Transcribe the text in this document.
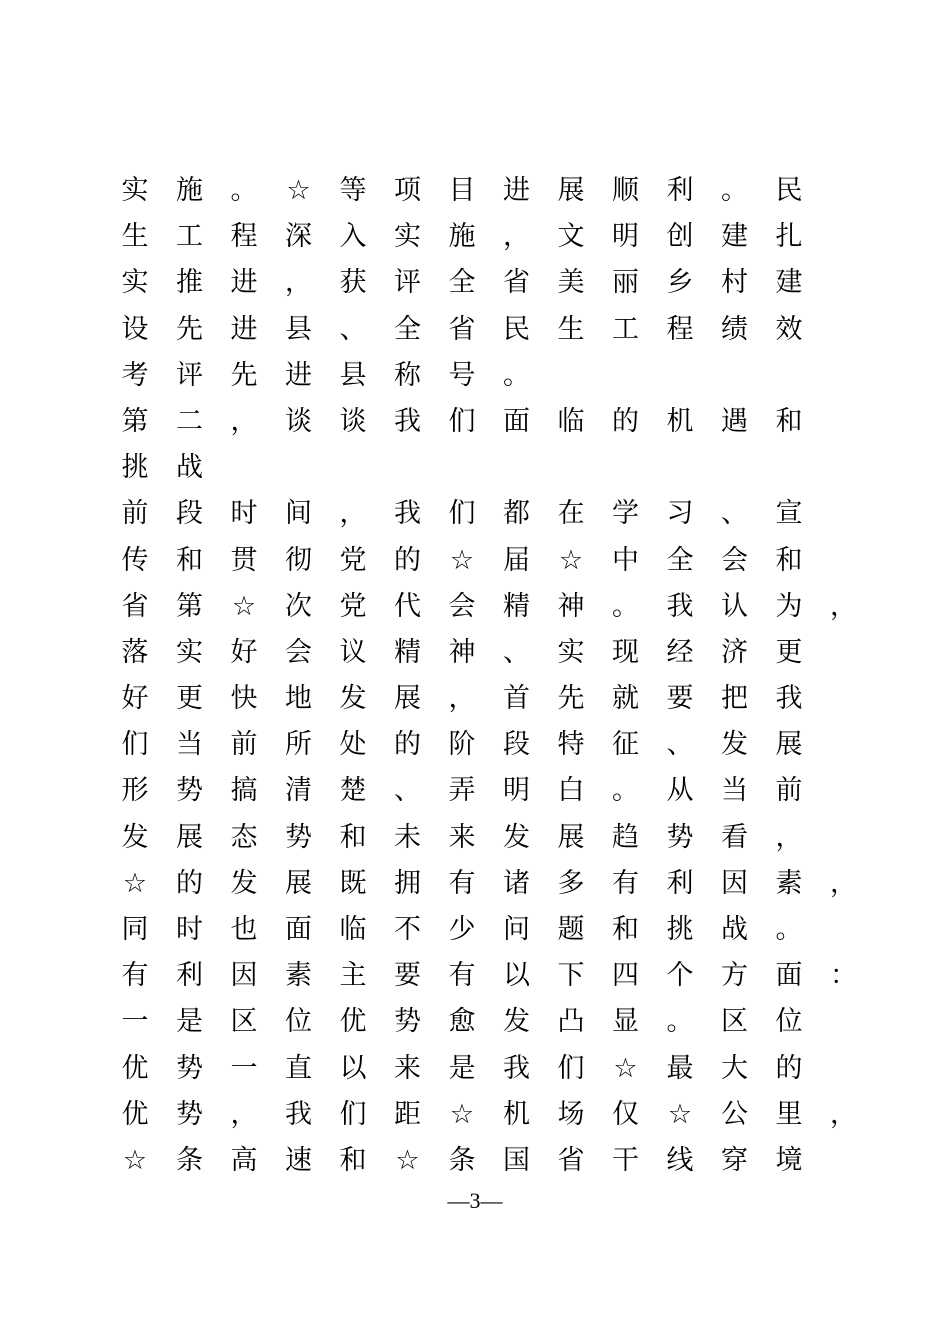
实	施	。	☆	等	项	目	进	展	顺	利	。	民
生	工	程	深	入	实	施	，	文	明	创	建	扎
实	推	进	，	获	评	全	省	美	丽	乡	村	建
设	先	进	县	、	全	省	民	生	工	程	绩	效
考	评	先	进	县	称	号	。
第	二	，	谈	谈	我	们	面	临	的	机	遇	和
挑	战
前	段	时	间	，	我	们	都	在	学	习	、	宣
传	和	贯	彻	党	的	☆	届	☆	中	全	会	和
省	第	☆	次	党	代	会	精	神	。	我	认	为	，
落	实	好	会	议	精	神	、	实	现	经	济	更
好	更	快	地	发	展	，	首	先	就	要	把	我
们	当	前	所	处	的	阶	段	特	征	、	发	展
形	势	搞	清	楚	、	弄	明	白	。	从	当	前
发	展	态	势	和	未	来	发	展	趋	势	看	，
☆	的	发	展	既	拥	有	诸	多	有	利	因	素	，
同	时	也	面	临	不	少	问	题	和	挑	战	。
有	利	因	素	主	要	有	以	下	四	个	方	面	：
一	是	区	位	优	势	愈	发	凸	显	。	区	位
优	势	一	直	以	来	是	我	们	☆	最	大	的
优	势	，	我	们	距	☆	机	场	仅	☆	公	里	，
☆	条	高	速	和	☆	条	国	省	干	线	穿	境
—3—
